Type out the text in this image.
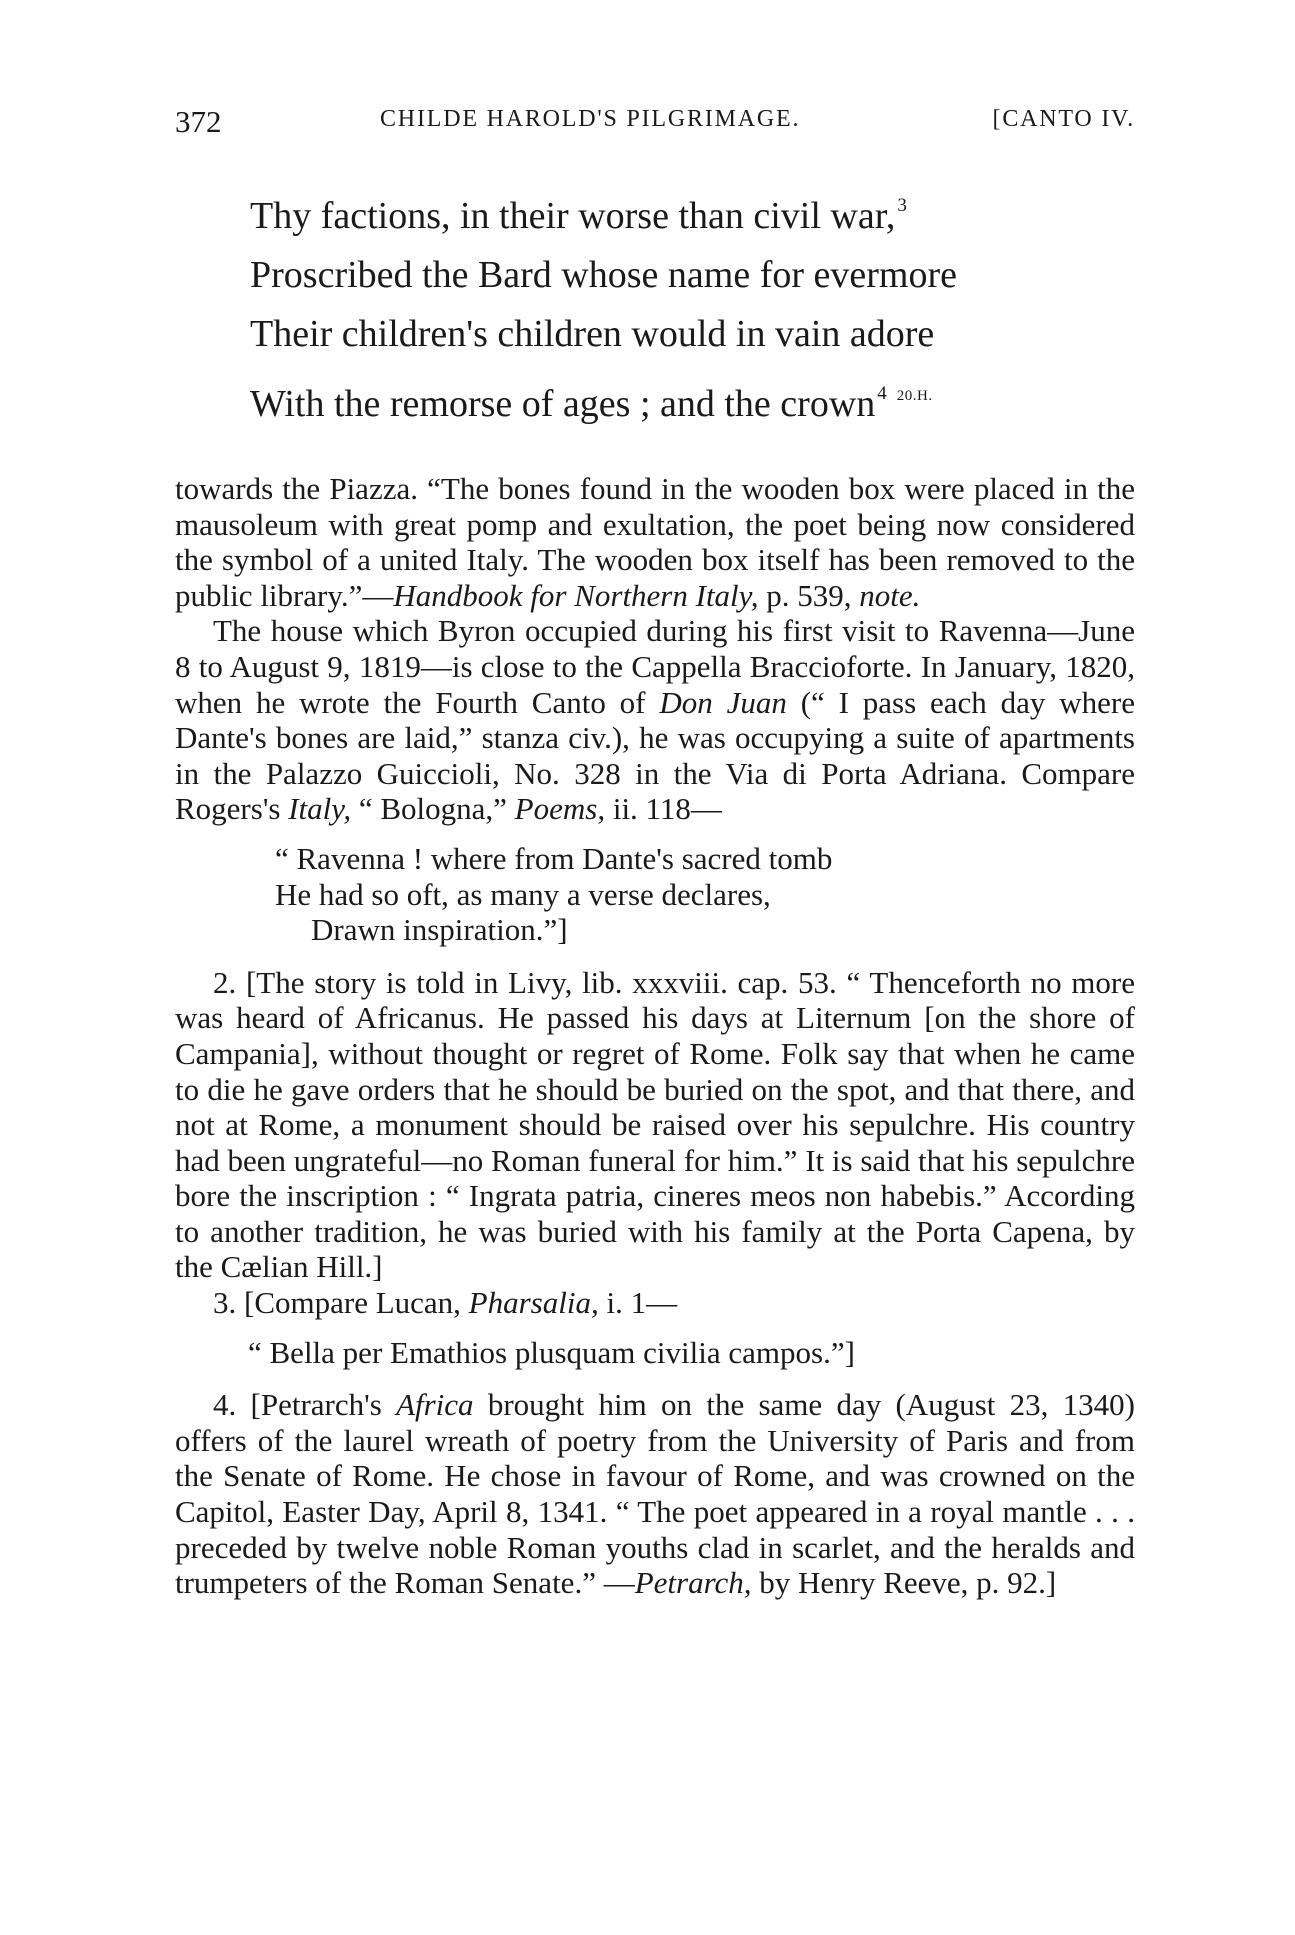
372	CHILDE HAROLD'S PILGRIMAGE.	[CANTO IV.
Thy factions, in their worse than civil war, $^3$
Proscribed the Bard whose name for evermore
Their children's children would in vain adore
With the remorse of ages ; and the crown $^4$ $^{20.H.}$

towards the Piazza. “The bones found in the wooden box were placed in the mausoleum with great pomp and exultation, the poet being now considered the symbol of a united Italy. The wooden box itself has been removed to the public library.”—Handbook for Northern Italy, p. 539, note.

The house which Byron occupied during his first visit to Ravenna—June 8 to August 9, 1819—is close to the Cappella Braccioforte. In January, 1820, when he wrote the Fourth Canto of Don Juan (“ I pass each day where Dante's bones are laid,” stanza civ.), he was occupying a suite of apartments in the Palazzo Guiccioli, No. 328 in the Via di Porta Adriana. Compare Rogers's Italy, “ Bologna,” Poems, ii. 118—

“ Ravenna ! where from Dante's sacred tomb
He had so oft, as many a verse declares,
Drawn inspiration.”]

2. [The story is told in Livy, lib. xxxviii. cap. 53. “ Thenceforth no more was heard of Africanus. He passed his days at Liternum [on the shore of Campania], without thought or regret of Rome. Folk say that when he came to die he gave orders that he should be buried on the spot, and that there, and not at Rome, a monument should be raised over his sepulchre. His country had been ungrateful—no Roman funeral for him.” It is said that his sepulchre bore the inscription : “ Ingrata patria, cineres meos non habebis.” According to another tradition, he was buried with his family at the Porta Capena, by the Cælian Hill.]

3. [Compare Lucan, Pharsalia, i. 1—

“ Bella per Emathios plusquam civilia campos.”]

4. [Petrarch's Africa brought him on the same day (August 23, 1340) offers of the laurel wreath of poetry from the University of Paris and from the Senate of Rome. He chose in favour of Rome, and was crowned on the Capitol, Easter Day, April 8, 1341. “ The poet appeared in a royal mantle . . . preceded by twelve noble Roman youths clad in scarlet, and the heralds and trumpeters of the Roman Senate.” —Petrarch, by Henry Reeve, p. 92.]
